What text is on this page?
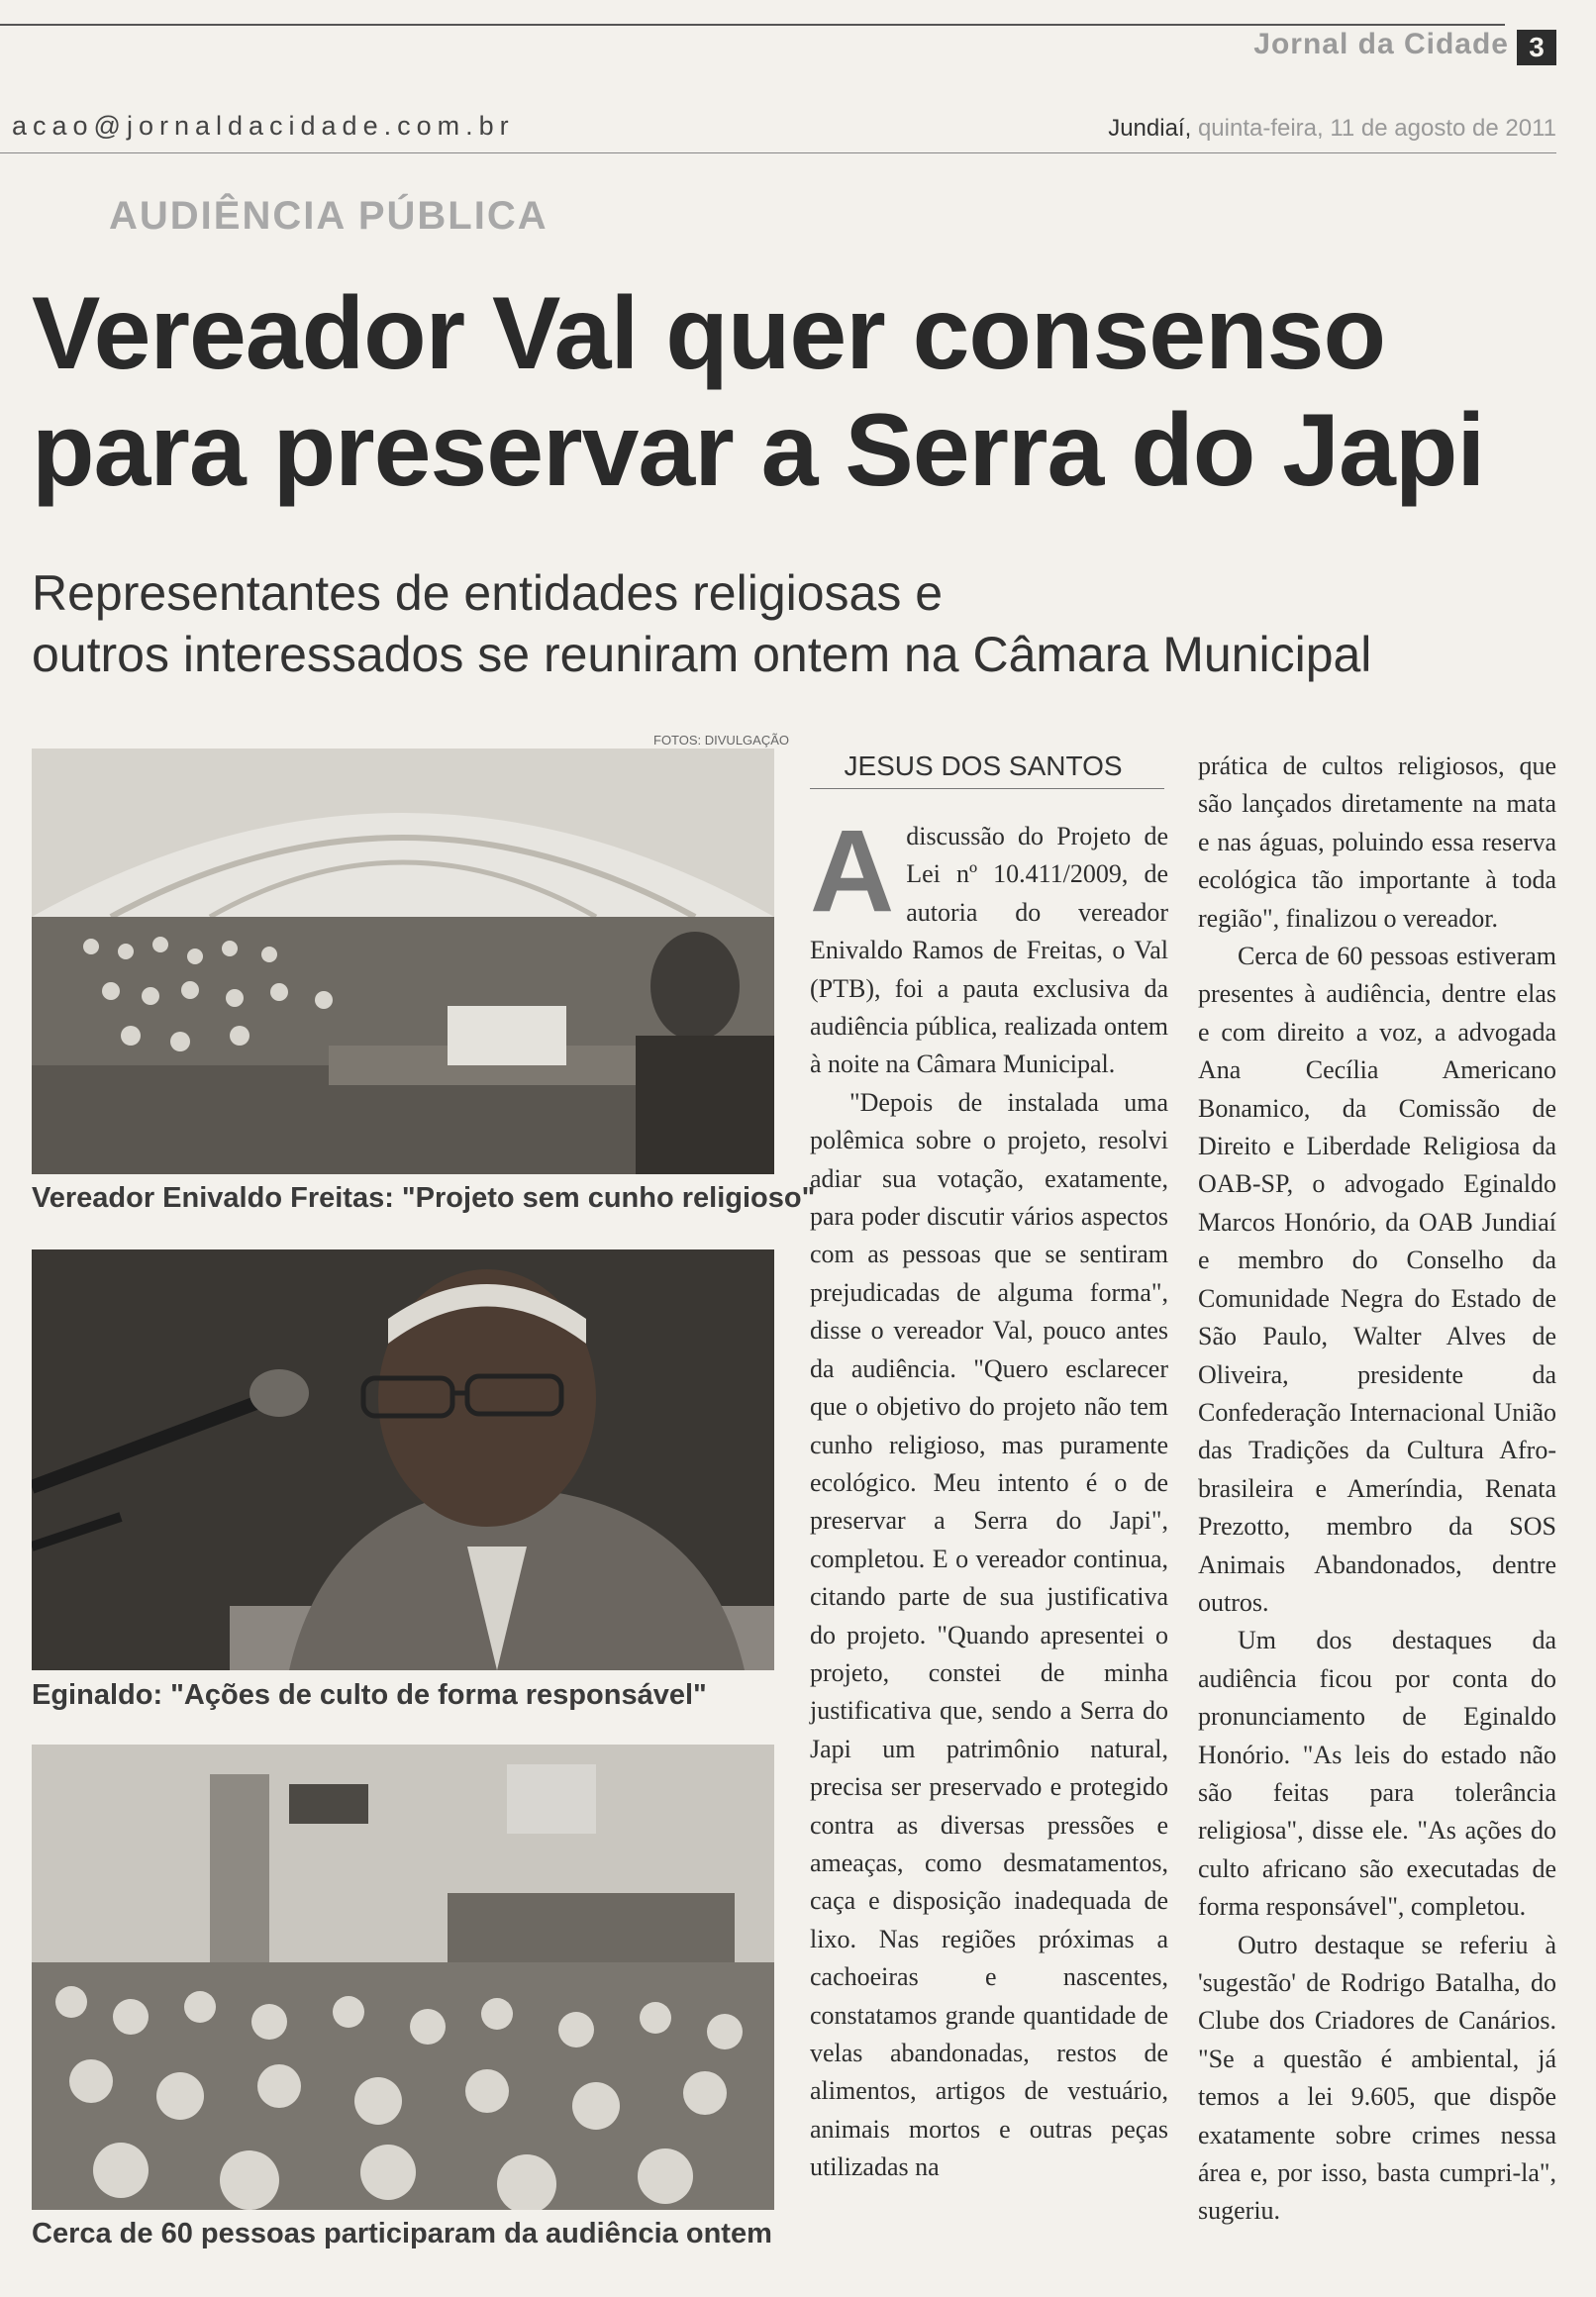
Jornal da Cidade 3
acao@jornaldacidade.com.br	Jundiaí, quinta-feira, 11 de agosto de 2011
AUDIÊNCIA PÚBLICA
Vereador Val quer consenso
para preservar a Serra do Japi
Representantes de entidades religiosas e
outros interessados se reuniram ontem na Câmara Municipal
FOTOS: DIVULGAÇÃO
Vereador Enivaldo Freitas: "Projeto sem cunho religioso"
Eginaldo: "Ações de culto de forma responsável"
Cerca de 60 pessoas participaram da audiência ontem
JESUS DOS SANTOS

Adiscussão do Projeto de Lei nº 10.411/2009, de autoria do vereador Enivaldo Ramos de Freitas, o Val (PTB), foi a pauta exclusiva da audiência pública, realizada ontem à noite na Câmara Municipal.

"Depois de instalada uma polêmica sobre o projeto, resolvi adiar sua votação, exatamente, para poder discutir vários aspectos com as pessoas que se sentiram prejudicadas de alguma forma", disse o vereador Val, pouco antes da audiência. "Quero esclarecer que o objetivo do projeto não tem cunho religioso, mas puramente ecológico. Meu intento é o de preservar a Serra do Japi", completou. E o vereador continua, citando parte de sua justificativa do projeto. "Quando apresentei o projeto, constei de minha justificativa que, sendo a Serra do Japi um patrimônio natural, precisa ser preservado e protegido contra as diversas pressões e ameaças, como desmatamentos, caça e disposição inadequada de lixo. Nas regiões próximas a cachoeiras e nascentes, constatamos grande quantidade de velas abandonadas, restos de alimentos, artigos de vestuário, animais mortos e outras peças utilizadas na

prática de cultos religiosos, que são lançados diretamente na mata e nas águas, poluindo essa reserva ecológica tão importante à toda região", finalizou o vereador.

Cerca de 60 pessoas estiveram presentes à audiência, dentre elas e com direito a voz, a advogada Ana Cecília Americano Bonamico, da Comissão de Direito e Liberdade Religiosa da OAB-SP, o advogado Eginaldo Marcos Honório, da OAB Jundiaí e membro do Conselho da Comunidade Negra do Estado de São Paulo, Walter Alves de Oliveira, presidente da Confederação Internacional União das Tradições da Cultura Afro-brasileira e Ameríndia, Renata Prezotto, membro da SOS Animais Abandonados, dentre outros.

Um dos destaques da audiência ficou por conta do pronunciamento de Eginaldo Honório. "As leis do estado não são feitas para tolerância religiosa", disse ele. "As ações do culto africano são executadas de forma responsável", completou.

Outro destaque se referiu à 'sugestão' de Rodrigo Batalha, do Clube dos Criadores de Canários. "Se a questão é ambiental, já temos a lei 9.605, que dispõe exatamente sobre crimes nessa área e, por isso, basta cumpri-la", sugeriu.
